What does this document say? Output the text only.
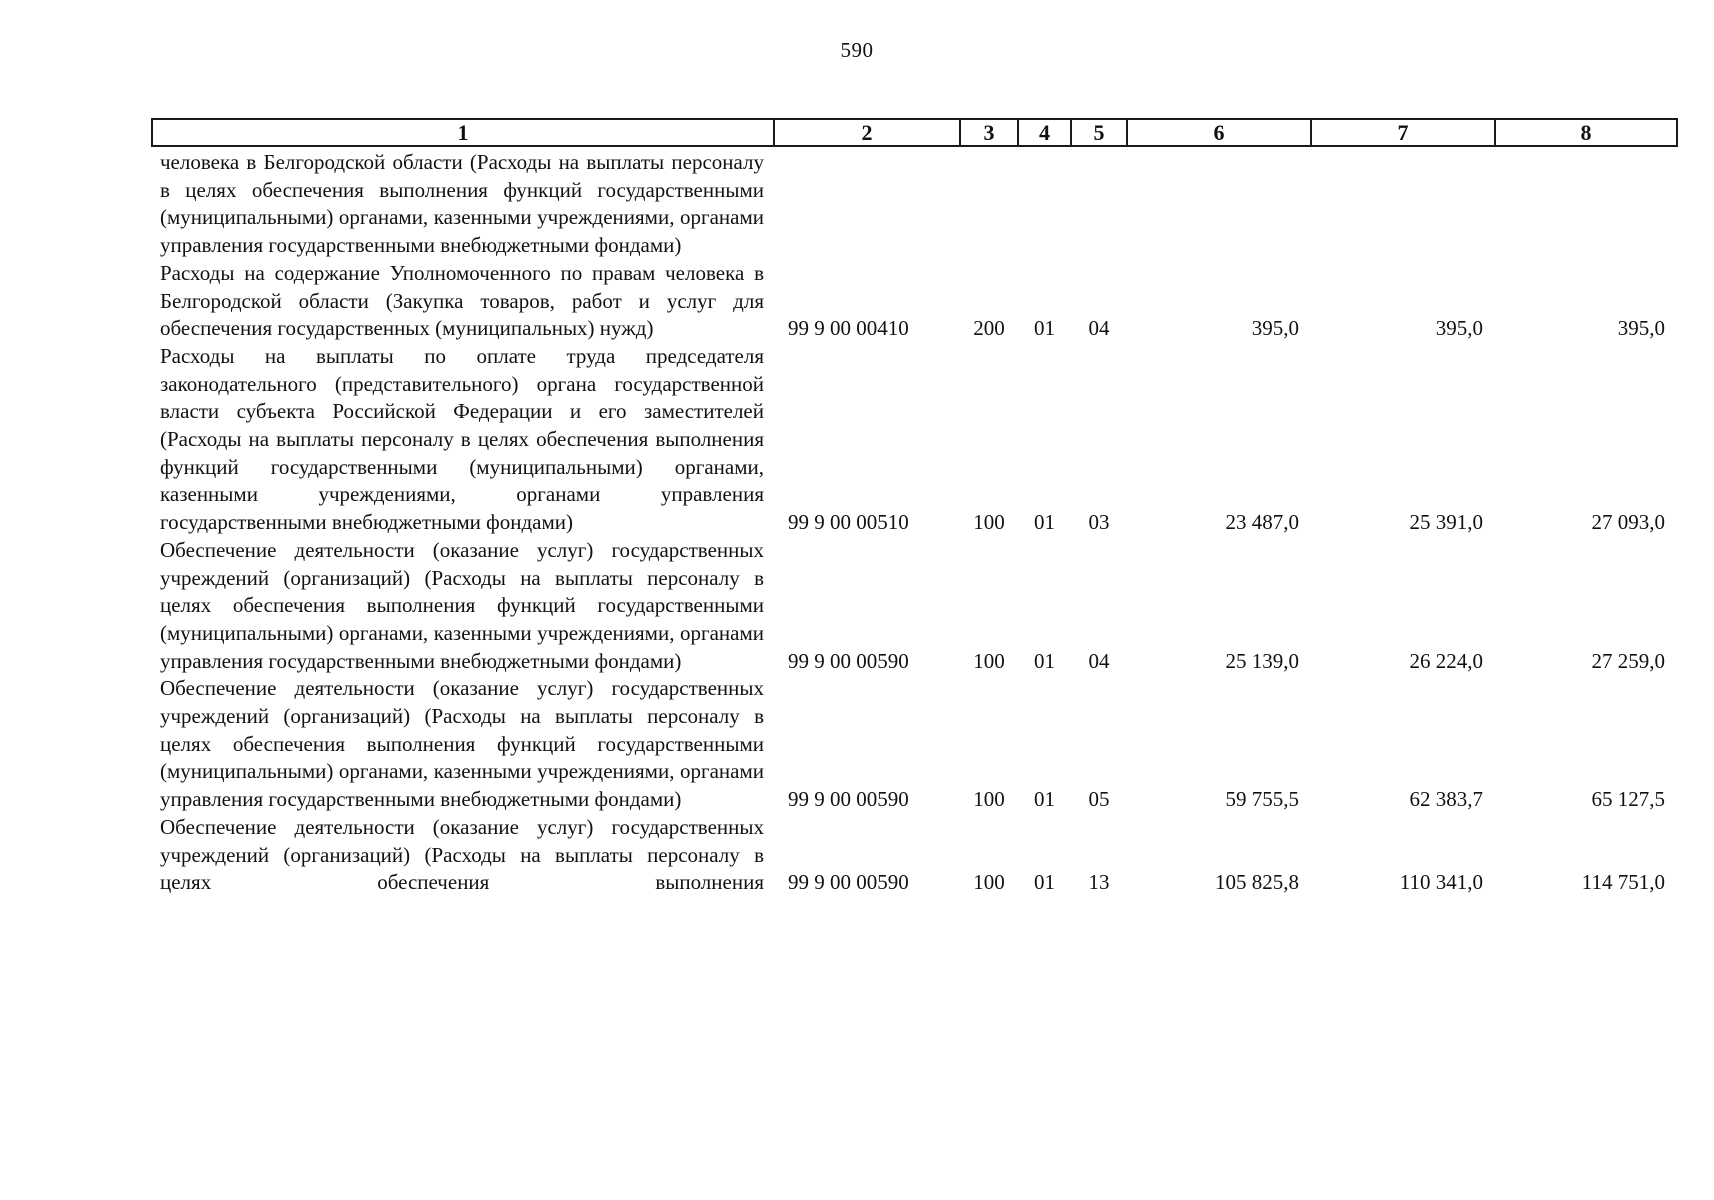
590
1	2	3	4	5	6	7	8
человека в Белгородской области (Расходы на выплаты персоналу в целях обеспечения выполнения функций государственными (муниципальными) органами, казенными учреждениями, органами управления государственными внебюджетными фондами)							
Расходы на содержание Уполномоченного по правам человека в Белгородской области (Закупка товаров, работ и услуг для обеспечения государственных (муниципальных) нужд)	99 9 00 00410	200	01	04	395,0	395,0	395,0
Расходы на выплаты по оплате труда председателя законодательного (представительного) органа государственной власти субъекта Российской Федерации и его заместителей (Расходы на выплаты персоналу в целях обеспечения выполнения функций государственными (муниципальными) органами, казенными учреждениями, органами управления государственными внебюджетными фондами)	99 9 00 00510	100	01	03	23 487,0	25 391,0	27 093,0
Обеспечение деятельности (оказание услуг) государственных учреждений (организаций) (Расходы на выплаты персоналу в целях обеспечения выполнения функций государственными (муниципальными) органами, казенными учреждениями, органами управления государственными внебюджетными фондами)	99 9 00 00590	100	01	04	25 139,0	26 224,0	27 259,0
Обеспечение деятельности (оказание услуг) государственных учреждений (организаций) (Расходы на выплаты персоналу в целях обеспечения выполнения функций государственными (муниципальными) органами, казенными учреждениями, органами управления государственными внебюджетными фондами)	99 9 00 00590	100	01	05	59 755,5	62 383,7	65 127,5
Обеспечение деятельности (оказание услуг) государственных учреждений (организаций) (Расходы на выплаты персоналу в целях обеспечения выполнения	99 9 00 00590	100	01	13	105 825,8	110 341,0	114 751,0
